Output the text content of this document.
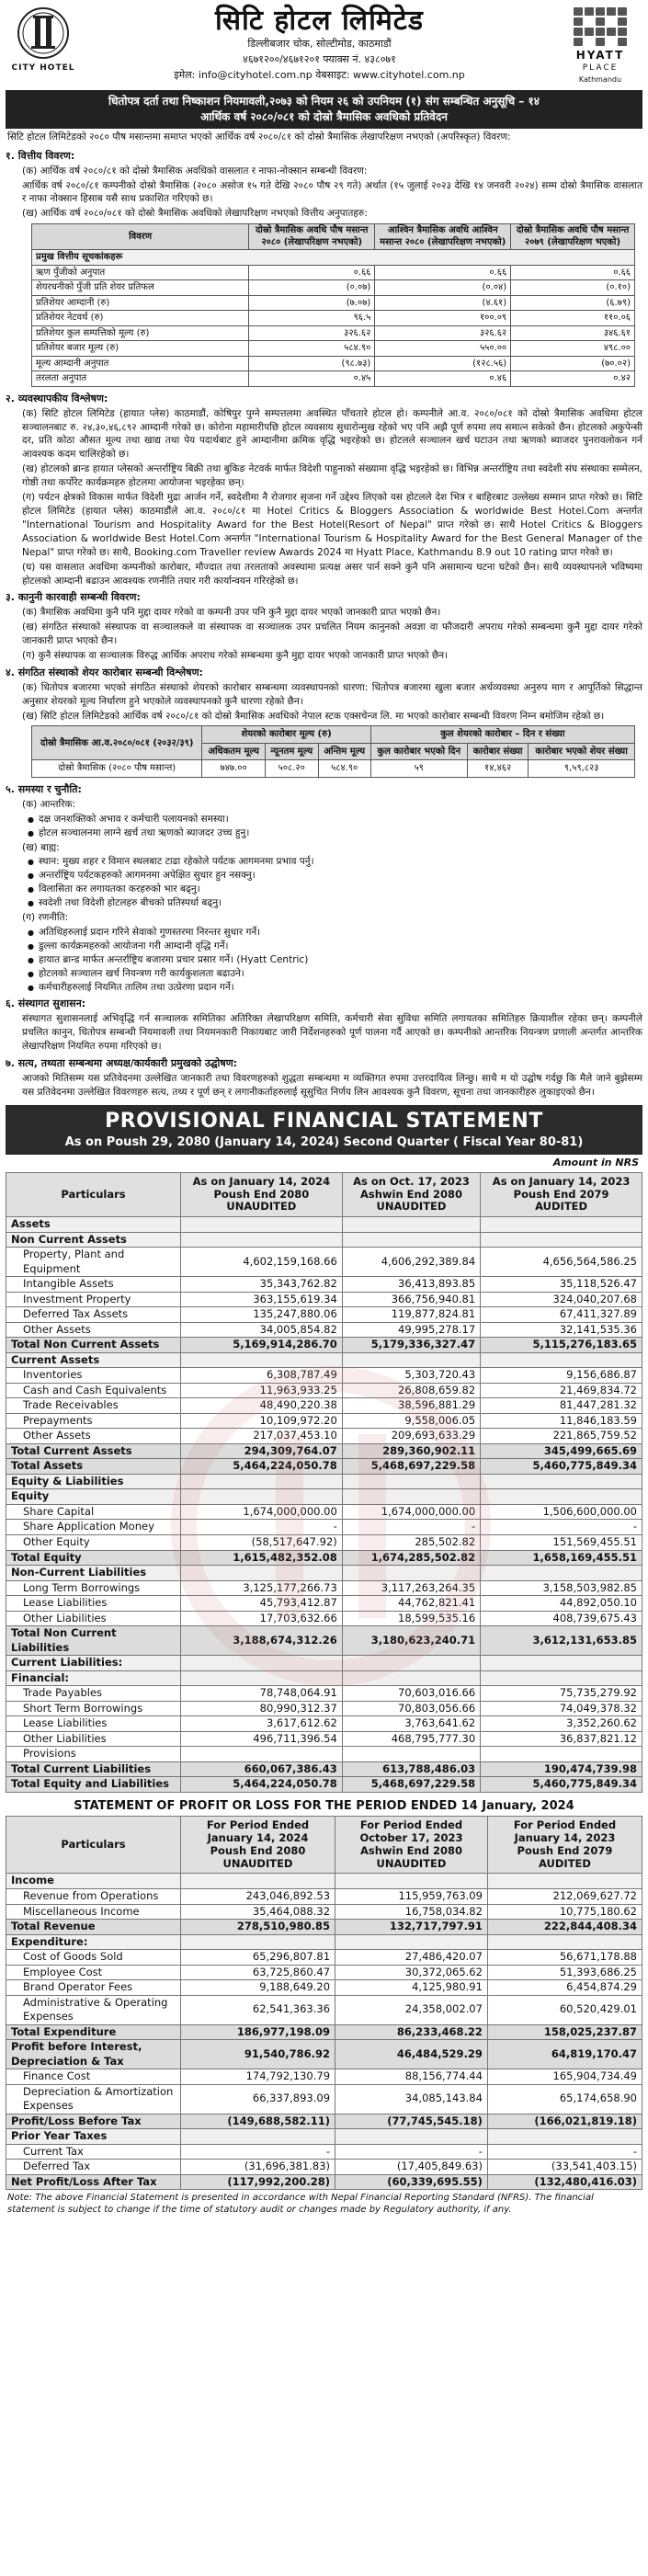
CITY HOTEL
सिटि होटल लिमिटेड
डिल्लीबजार चोक, सोल्टीमोड, काठमाडौं
४६७१२००/४६७१२०१ फ्याक्स नं. ४३८०७१
इमेल: info@cityhotel.com.np वेबसाइट: www.cityhotel.com.np
HYATT
PLACE
Kathmandu
धितोपत्र दर्ता तथा निष्काशन नियमावली,२०७३ को नियम २६ को उपनियम (१) संग सम्बन्धित अनुसूचि – १४
आर्थिक वर्ष २०८०/०८१ को दोस्रो त्रैमासिक अवधिको प्रतिवेदन
सिटि होटल लिमिटेडको २०८० पौष मसान्तमा समाप्त भएको आर्थिक वर्ष २०८०/८१ को दोस्रो त्रैमासिक लेखापरिक्षण नभएको (अपरिस्कृत) विवरण:
१. वित्तीय विवरण:
(क) आर्थिक वर्ष २०८०/८१ को दोस्रो त्रैमासिक अवधिको वासलात र नाफा-नोक्सान सम्बन्धी विवरण:
आर्थिक वर्ष २०८०/८१ कम्पनीको दोस्रो त्रैमासिक (२०८० असोज १५ गते देखि २०८० पौष २९ गते) अर्थात (१५ जुलाई २०२३ देखि १४ जनवरी २०२४) सम्म दोस्रो त्रैमासिक वासलात र नाफा नोक्सान हिसाब यसै साथ प्रकाशित गरिएको छ।
(ख) आर्थिक वर्ष २०८०/०८१ को दोस्रो त्रैमासिक अवधिको लेखापरिक्षण नभएको वित्तीय अनुपातहरु:
विवरण	दोस्रो त्रैमासिक अवधि पौष मसान्त २०८० (लेखापरिक्षण नभएको)	आश्विन त्रैमासिक अवधि आश्विन मसान्त २०८० (लेखापरिक्षण नभएको)	दोस्रो त्रैमासिक अवधि पौष मसान्त २०७९ (लेखापरिक्षण भएको)
प्रमुख वित्तीय सूचकांकहरू			
ऋण पुँजीको अनुपात	०.६६	०.६६	०.६६
शेयरधनीको पुँजी प्रति शेयर प्रतिफल	(०.०७)	(०.०४)	(०.१०)
प्रतिशेयर आम्दानी (रु)	(७.०७)	(४.६१)	(६.७९)
प्रतिशेयर नेटवर्थ (रु)	९६.५	१००.०९	११०.०६
प्रतिशेयर कुल सम्पत्तिको मूल्य (रु)	३२६.६२	३२६.६२	३४६.६१
प्रतिशेयर बजार मूल्य (रु)	५८४.९०	५५०.००	४९८.००
मूल्य आम्दानी अनुपात	(९८.७३)	(१२८.५६)	(७०.०२)
तरलता अनुपात	०.४५	०.४६	०.४२
२. व्यवस्थापकीय विश्लेषण:
(क) सिटि होटल लिमिटेड (हायात प्लेस) काठमाडौं, कोषिपुर पुग्ने सम्पत्तलमा अवस्थित पाँचतारे होटल हो। कम्पनीले आ.व. २०८०/०८१ को दोस्रो त्रैमासिक अवधिमा होटल सञ्चालनबाट रु. २४,३०,४६,८९२ आम्दानी गरेको छ। कोरोना महामारीपछि होटल व्यवसाय सुधारोन्मुख रहेको भए पनि अझै पूर्ण रुपमा लय समात्न सकेको छैन। होटलको अकुपेन्सी दर, प्रति कोठा औसत मूल्य तथा खाद्य तथा पेय पदार्थबाट हुने आम्दानीमा क्रमिक वृद्धि भइरहेको छ। होटलले सञ्चालन खर्च घटाउन तथा ऋणको ब्याजदर पुनरावलोकन गर्न आवश्यक कदम चालिरहेको छ।
(ख) होटलको ब्रान्ड हायात प्लेसको अन्तर्राष्ट्रिय बिक्री तथा बुकिङ नेटवर्क मार्फत विदेशी पाहुनाको संख्यामा वृद्धि भइरहेको छ। विभिन्न अन्तर्राष्ट्रिय तथा स्वदेशी संघ संस्थाका सम्मेलन, गोष्ठी तथा कर्पोरेट कार्यक्रमहरु होटलमा आयोजना भइरहेका छन्।
(ग) पर्यटन क्षेत्रको विकास मार्फत विदेशी मुद्रा आर्जन गर्ने, स्वदेशीमा नै रोजगार सृजना गर्ने उद्देश्य लिएको यस होटलले देश भित्र र बाहिरबाट उल्लेख्य सम्मान प्राप्त गरेको छ। सिटि होटल लिमिटेड (हायात प्लेस) काठमाडौंले आ.व. २०८०/८१ मा Hotel Critics & Bloggers Association & worldwide Best Hotel.Com अन्तर्गत "International Tourism and Hospitality Award for the Best Hotel(Resort of Nepal" प्राप्त गरेको छ। साथै Hotel Critics & Bloggers Association & worldwide Best Hotel.Com अन्तर्गत "International Tourism & Hospitality Award for the Best General Manager of the Nepal" प्राप्त गरेको छ। साथै, Booking.com Traveller review Awards 2024 मा Hyatt Place, Kathmandu 8.9 out 10 rating प्राप्त गरेको छ।
(घ) यस वासलात अवधिमा कम्पनीको कारोबार, मौज्दात तथा तरलताको अवस्थामा प्रत्यक्ष असर पार्न सक्ने कुनै पनि असामान्य घटना घटेको छैन। साथै व्यवस्थापनले भविष्यमा होटलको आम्दानी बढाउन आवश्यक रणनीति तयार गरी कार्यान्वयन गरिरहेको छ।
३. कानुनी कारवाही सम्बन्धी विवरण:
(क) त्रैमासिक अवधिमा कुनै पनि मुद्दा दायर गरेको वा कम्पनी उपर पनि कुनै मुद्दा दायर भएको जानकारी प्राप्त भएको छैन।
(ख) संगठित संस्थाको संस्थापक वा सञ्चालकले वा संस्थापक वा सञ्चालक उपर प्रचलित नियम कानुनको अवज्ञा वा फौजदारी अपराध गरेको सम्बन्धमा कुनै मुद्दा दायर गरेको जानकारी प्राप्त भएको छैन।
(ग) कुनै संस्थापक वा सञ्चालक विरुद्ध आर्थिक अपराध गरेको सम्बन्धमा कुनै मुद्दा दायर भएको जानकारी प्राप्त भएको छैन।
४. संगठित संस्थाको शेयर कारोबार सम्बन्धी विश्लेषण:
(क) धितोपत्र बजारमा भएको संगठित संस्थाको शेयरको कारोबार सम्बन्धमा व्यवस्थापनको धारणा: धितोपत्र बजारमा खुला बजार अर्थव्यवस्था अनुरुप माग र आपूर्तिको सिद्धान्त अनुसार शेयरको मूल्य निर्धारण हुने भएकोले व्यवस्थापनको कुनै धारणा रहेको छैन।
(ख) सिटि होटल लिमिटेडको आर्थिक वर्ष २०८०/८१ को दोस्रो त्रैमासिक अवधिको नेपाल स्टक एक्सचेन्ज लि. मा भएको कारोबार सम्बन्धी विवरण निम्न बमोजिम रहेको छ।
दोस्रो त्रैमासिक आ.व.२०८०/०८१ (२०३२/३९)	शेयरको कारोबार मूल्य (रु)			कुल शेयरको कारोबार – दिन र संख्या		
	अधिकतम मूल्य	न्यूनतम मूल्य	अन्तिम मूल्य	कुल कारोबार भएको दिन	कारोबार संख्या	कारोबार भएको शेयर संख्या
दोस्रो त्रैमासिक (२०८० पौष मसान्त)	७४७.००	५०८.२०	५८४.९०	५९	१४,४६२	९,५९,८२३
५. समस्या र चुनौति:
(क) आन्तरिक:
● दक्ष जनशक्तिको अभाव र कर्मचारी पलायनको समस्या।
● होटल सञ्चालनमा लाग्ने खर्च तथा ऋणको ब्याजदर उच्च हुनु।
(ख) बाह्य:
● स्थान: मुख्य शहर र विमान स्थलबाट टाढा रहेकोले पर्यटक आगमनमा प्रभाव पर्नु।
● अन्तर्राष्ट्रिय पर्यटकहरुको आगमनमा अपेक्षित सुधार हुन नसक्नु।
● विलासिता कर लगायतका करहरुको भार बढ्नु।
● स्वदेशी तथा विदेशी होटलहरु बीचको प्रतिस्पर्धा बढ्नु।
(ग) रणनीति:
● अतिथिहरुलाई प्रदान गरिने सेवाको गुणस्तरमा निरन्तर सुधार गर्ने।
● डुल्ला कार्यक्रमहरुको आयोजना गरी आम्दानी वृद्धि गर्ने।
● हायात ब्रान्ड मार्फत अन्तर्राष्ट्रिय बजारमा प्रचार प्रसार गर्ने। (Hyatt Centric)
● होटलको सञ्चालन खर्च नियन्त्रण गरी कार्यकुशलता बढाउने।
● कर्मचारीहरुलाई नियमित तालिम तथा उत्प्रेरणा प्रदान गर्ने।
६. संस्थागत सुशासन:
संस्थागत सुशासनलाई अभिवृद्धि गर्न सञ्चालक समितिका अतिरिक्त लेखापरिक्षण समिति, कर्मचारी सेवा सुविधा समिति लगायतका समितिहरु क्रियाशील रहेका छन्। कम्पनीले प्रचलित कानुन, धितोपत्र सम्बन्धी नियमावली तथा नियमनकारी निकायबाट जारी निर्देशनहरुको पूर्ण पालना गर्दै आएको छ। कम्पनीको आन्तरिक नियन्त्रण प्रणाली अन्तर्गत आन्तरिक लेखापरिक्षण नियमित रुपमा गरिएको छ।
७. सत्य, तथ्यता सम्बन्धमा अध्यक्ष/कार्यकारी प्रमुखको उद्घोषण:
आजको मितिसम्म यस प्रतिवेदनमा उल्लेखित जानकारी तथा विवरणहरुको शुद्धता सम्बन्धमा म व्यक्तिगत रुपमा उत्तरदायित्व लिन्छु। साथै म यो उद्घोष गर्दछु कि मैले जाने बुझेसम्म यस प्रतिवेदनमा उल्लेखित विवरणहरु सत्य, तथ्य र पूर्ण छन् र लगानीकर्ताहरुलाई सूसुचित निर्णय लिन आवश्यक कुनै विवरण, सूचना तथा जानकारीहरु लुकाइएको छैन।
PROVISIONAL FINANCIAL STATEMENT
As on Poush 29, 2080 (January 14, 2024) Second Quarter ( Fiscal Year 80-81)
Amount in NRS
Particulars	As on January 14, 2024
Poush End 2080
UNAUDITED	As on Oct. 17, 2023
Ashwin End 2080
UNAUDITED	As on January 14, 2023
Poush End 2079
AUDITED
Assets			
Non Current Assets			
Property, Plant and Equipment	4,602,159,168.66	4,606,292,389.84	4,656,564,586.25
Intangible Assets	35,343,762.82	36,413,893.85	35,118,526.47
Investment Property	363,155,619.34	366,756,940.81	324,040,207.68
Deferred Tax Assets	135,247,880.06	119,877,824.81	67,411,327.89
Other Assets	34,005,854.82	49,995,278.17	32,141,535.36
Total Non Current Assets	5,169,914,286.70	5,179,336,327.47	5,115,276,183.65
Current Assets			
Inventories	6,308,787.49	5,303,720.43	9,156,686.87
Cash and Cash Equivalents	11,963,933.25	26,808,659.82	21,469,834.72
Trade Receivables	48,490,220.38	38,596,881.29	81,447,281.32
Prepayments	10,109,972.20	9,558,006.05	11,846,183.59
Other Assets	217,037,453.10	209,693,633.29	221,865,759.52
Total Current Assets	294,309,764.07	289,360,902.11	345,499,665.69
Total Assets	5,464,224,050.78	5,468,697,229.58	5,460,775,849.34
Equity & Liabilities			
Equity			
Share Capital	1,674,000,000.00	1,674,000,000.00	1,506,600,000.00
Share Application Money	-	-	-
Other Equity	(58,517,647.92)	285,502.82	151,569,455.51
Total Equity	1,615,482,352.08	1,674,285,502.82	1,658,169,455.51
Non-Current Liabilities			
Long Term Borrowings	3,125,177,266.73	3,117,263,264.35	3,158,503,982.85
Lease Liabilities	45,793,412.87	44,762,821.41	44,892,050.10
Other Liabilities	17,703,632.66	18,599,535.16	408,739,675.43
Total Non Current Liabilities	3,188,674,312.26	3,180,623,240.71	3,612,131,653.85
Current Liabilities:			
Financial:			
Trade Payables	78,748,064.91	70,603,016.66	75,735,279.92
Short Term Borrowings	80,990,312.37	70,803,056.66	74,049,378.32
Lease Liabilities	3,617,612.62	3,763,641.62	3,352,260.62
Other Liabilities	496,711,396.54	468,795,777.30	36,837,821.12
Provisions			
Total Current Liabilities	660,067,386.43	613,788,486.03	190,474,739.98
Total Equity and Liabilities	5,464,224,050.78	5,468,697,229.58	5,460,775,849.34
STATEMENT OF PROFIT OR LOSS FOR THE PERIOD ENDED 14 January, 2024
Particulars	For Period Ended
January 14, 2024
Poush End 2080
UNAUDITED	For Period Ended
October 17, 2023
Ashwin End 2080
UNAUDITED	For Period Ended
January 14, 2023
Poush End 2079
AUDITED
Income			
Revenue from Operations	243,046,892.53	115,959,763.09	212,069,627.72
Miscellaneous Income	35,464,088.32	16,758,034.82	10,775,180.62
Total Revenue	278,510,980.85	132,717,797.91	222,844,408.34
Expenditure:			
Cost of Goods Sold	65,296,807.81	27,486,420.07	56,671,178.88
Employee Cost	63,725,860.47	30,372,065.62	51,393,686.25
Brand Operator Fees	9,188,649.20	4,125,980.91	6,454,874.29
Administrative & Operating Expenses	62,541,363.36	24,358,002.07	60,520,429.01
Total Expenditure	186,977,198.09	86,233,468.22	158,025,237.87
Profit before Interest, Depreciation & Tax	91,540,786.92	46,484,529.29	64,819,170.47
Finance Cost	174,792,130.79	88,156,774.44	165,904,734.49
Depreciation & Amortization Expenses	66,337,893.09	34,085,143.84	65,174,658.90
Profit/Loss Before Tax	(149,688,582.11)	(77,745,545.18)	(166,021,819.18)
Prior Year Taxes			
Current Tax	-	-	-
Deferred Tax	(31,696,381.83)	(17,405,849.63)	(33,541,403.15)
Net Profit/Loss After Tax	(117,992,200.28)	(60,339,695.55)	(132,480,416.03)
Note: The above Financial Statement is presented in accordance with Nepal Financial Reporting Standard (NFRS). The financial statement is subject to change if the time of statutory audit or changes made by Regulatory authority, if any.
